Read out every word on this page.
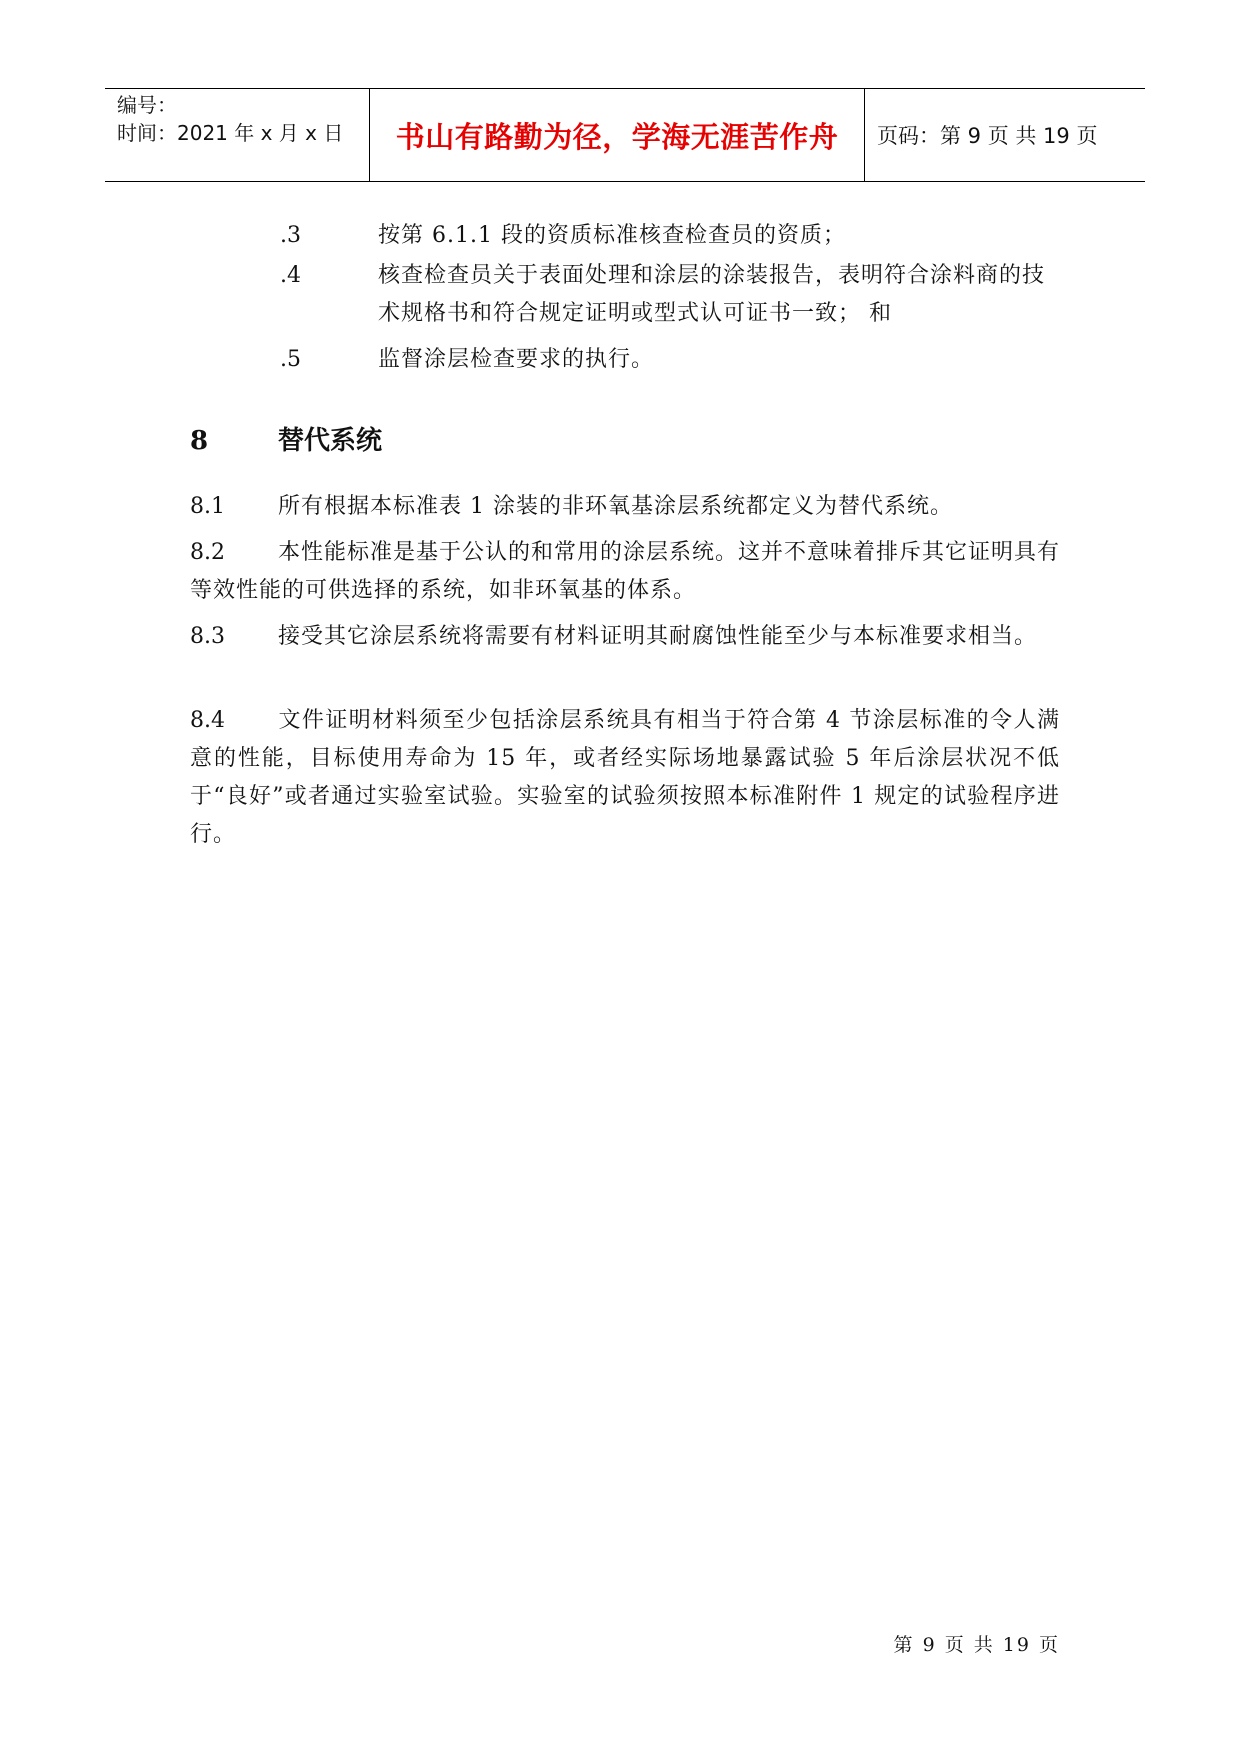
编号：
时间：2021 年 x 月 x 日	书山有路勤为径，学海无涯苦作舟 页码：第 9 页 共 19 页
.3	按第 6.1.1 段的资质标准核查检查员的资质；
.4	核查检查员关于表面处理和涂层的涂装报告，表明符合涂料商的技术规格书和符合规定证明或型式认可证书一致； 和
.5	监督涂层检查要求的执行。
8	替代系统

8.1 所有根据本标准表 1 涂装的非环氧基涂层系统都定义为替代系统。

8.2 本性能标准是基于公认的和常用的涂层系统。这并不意味着排斥其它证明具有等效性能的可供选择的系统，如非环氧基的体系。

8.3 接受其它涂层系统将需要有材料证明其耐腐蚀性能至少与本标准要求相当。

8.4 文件证明材料须至少包括涂层系统具有相当于符合第 4 节涂层标准的令人满意的性能，目标使用寿命为 15 年，或者经实际场地暴露试验 5 年后涂层状况不低于“良好”或者通过实验室试验。实验室的试验须按照本标准附件 1 规定的试验程序进行。

第 9 页 共 19 页
